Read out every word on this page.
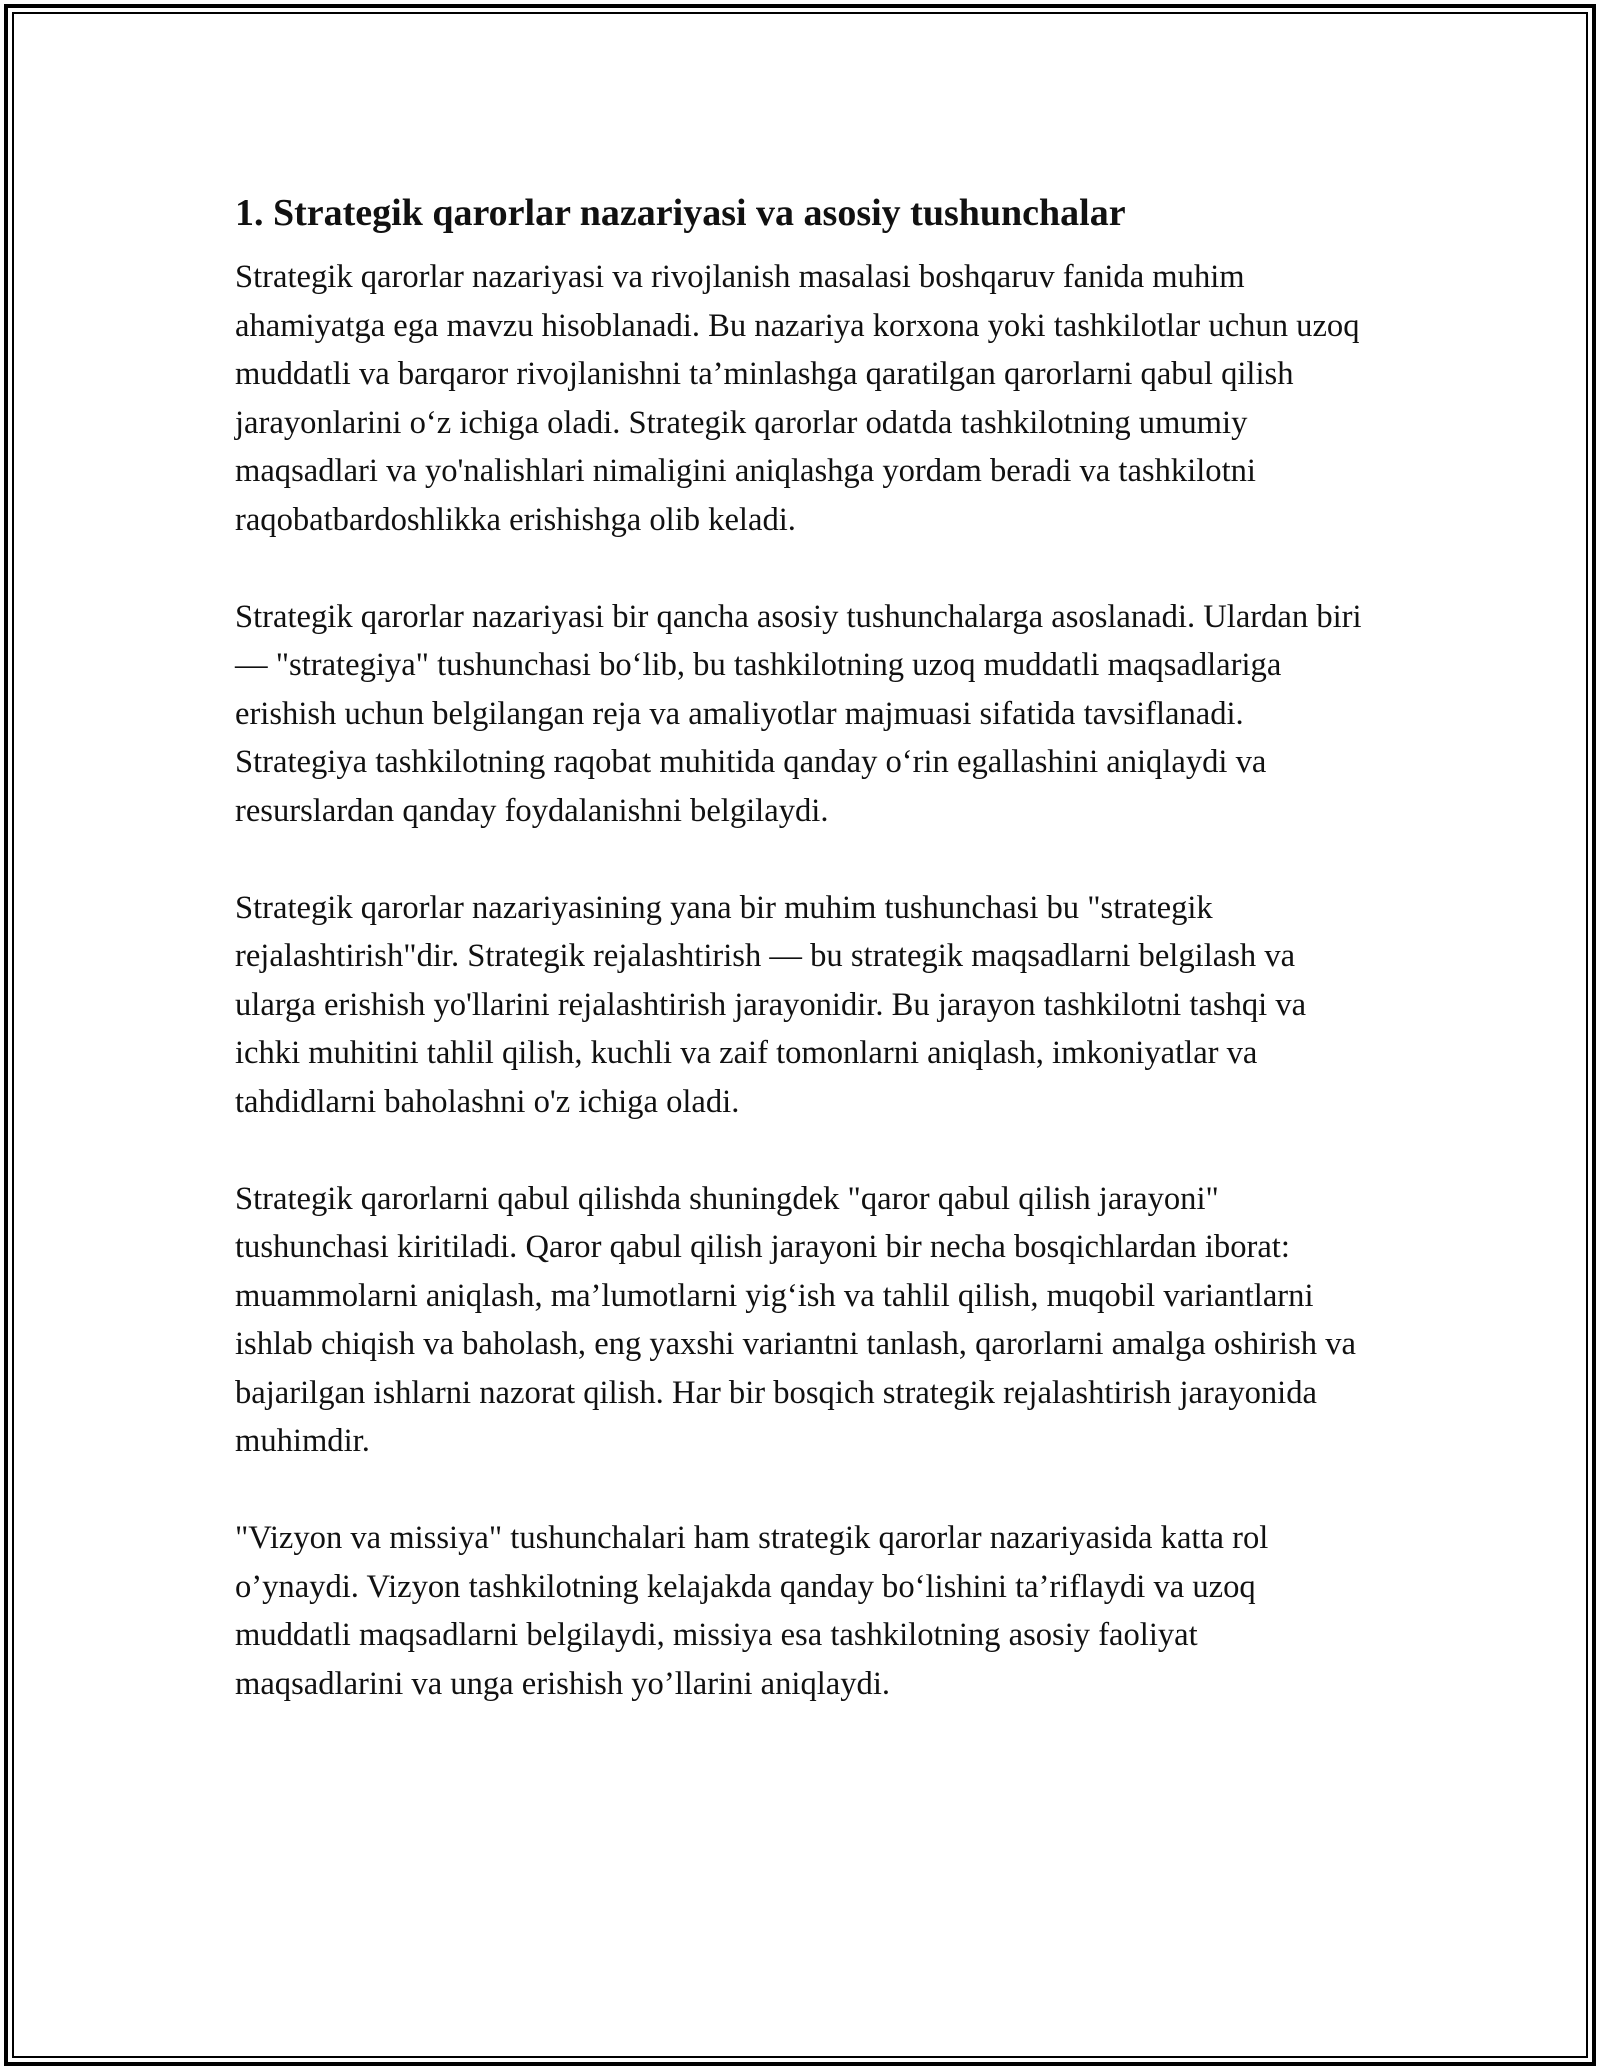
1. Strategik qarorlar nazariyasi va asosiy tushunchalar

Strategik qarorlar nazariyasi va rivojlanish masalasi boshqaruv fanida muhim ahamiyatga ega mavzu hisoblanadi. Bu nazariya korxona yoki tashkilotlar uchun uzoq muddatli va barqaror rivojlanishni ta’minlashga qaratilgan qarorlarni qabul qilish jarayonlarini o‘z ichiga oladi. Strategik qarorlar odatda tashkilotning umumiy maqsadlari va yo'nalishlari nimaligini aniqlashga yordam beradi va tashkilotni raqobatbardoshlikka erishishga olib keladi.

Strategik qarorlar nazariyasi bir qancha asosiy tushunchalarga asoslanadi. Ulardan biri — "strategiya" tushunchasi bo‘lib, bu tashkilotning uzoq muddatli maqsadlariga erishish uchun belgilangan reja va amaliyotlar majmuasi sifatida tavsiflanadi. Strategiya tashkilotning raqobat muhitida qanday o‘rin egallashini aniqlaydi va resurslardan qanday foydalanishni belgilaydi.

Strategik qarorlar nazariyasining yana bir muhim tushunchasi bu "strategik rejalashtirish"dir. Strategik rejalashtirish — bu strategik maqsadlarni belgilash va ularga erishish yo'llarini rejalashtirish jarayonidir. Bu jarayon tashkilotni tashqi va ichki muhitini tahlil qilish, kuchli va zaif tomonlarni aniqlash, imkoniyatlar va tahdidlarni baholashni o'z ichiga oladi.

Strategik qarorlarni qabul qilishda shuningdek "qaror qabul qilish jarayoni" tushunchasi kiritiladi. Qaror qabul qilish jarayoni bir necha bosqichlardan iborat: muammolarni aniqlash, ma’lumotlarni yig‘ish va tahlil qilish, muqobil variantlarni ishlab chiqish va baholash, eng yaxshi variantni tanlash, qarorlarni amalga oshirish va bajarilgan ishlarni nazorat qilish. Har bir bosqich strategik rejalashtirish jarayonida muhimdir.

"Vizyon va missiya" tushunchalari ham strategik qarorlar nazariyasida katta rol o’ynaydi. Vizyon tashkilotning kelajakda qanday bo‘lishini ta’riflaydi va uzoq muddatli maqsadlarni belgilaydi, missiya esa tashkilotning asosiy faoliyat maqsadlarini va unga erishish yo’llarini aniqlaydi.
